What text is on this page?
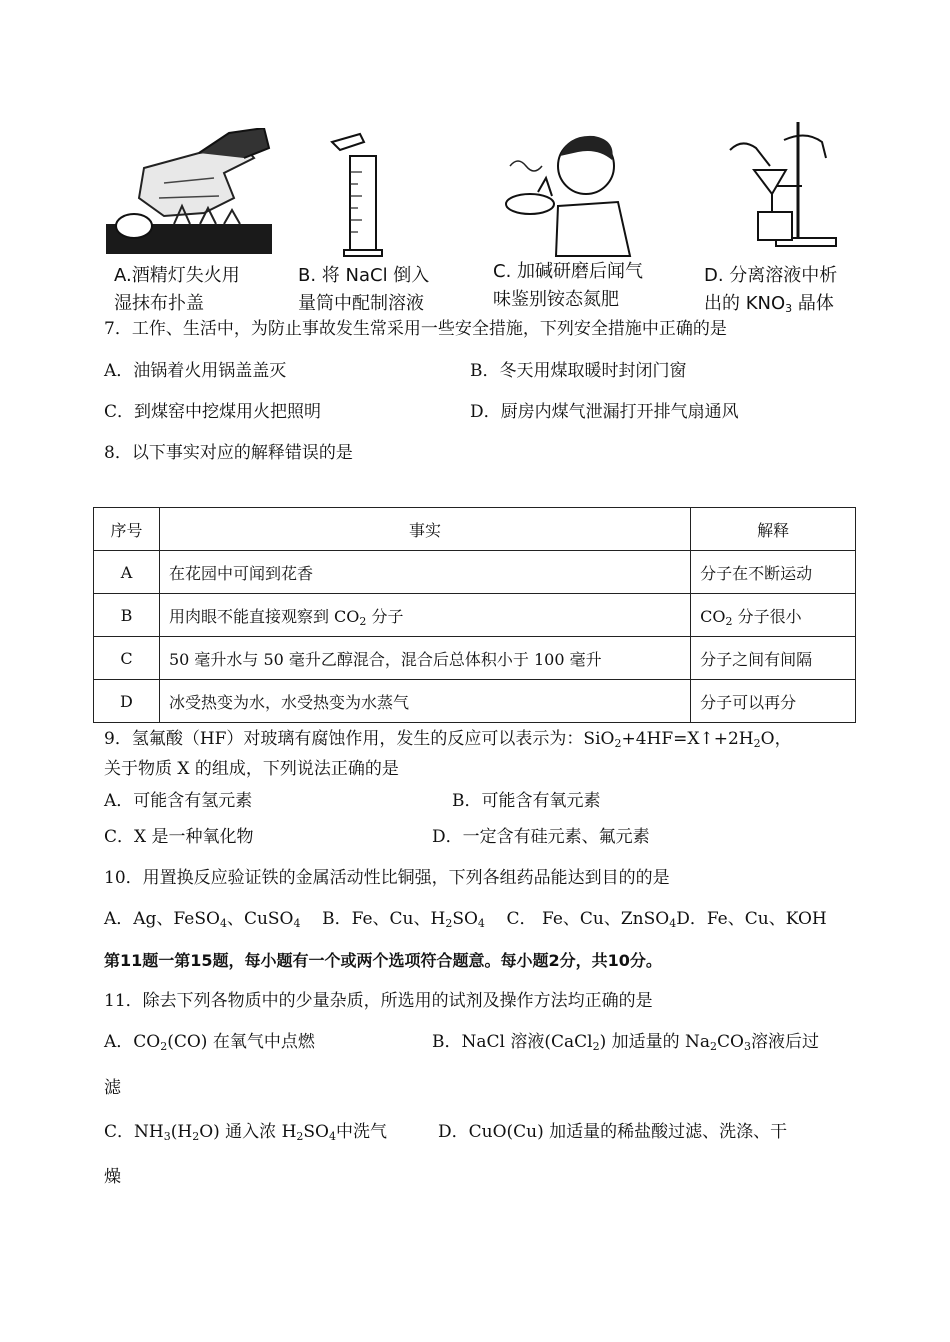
A.酒精灯失火用
湿抹布扑盖
B. 将 NaCl 倒入
量筒中配制溶液
C. 加碱研磨后闻气
味鉴别铵态氮肥
D. 分离溶液中析
出的 $KNO_3$ 晶体
7．工作、生活中，为防止事故发生常采用一些安全措施，下列安全措施中正确的是
A．油锅着火用锅盖盖灭	B．冬天用煤取暖时封闭门窗
C．到煤窑中挖煤用火把照明	D．厨房内煤气泄漏打开排气扇通风
8．以下事实对应的解释错误的是
序号	事实	解释
A	在花园中可闻到花香	分子在不断运动
B	用肉眼不能直接观察到 $CO_2$ 分子	$CO_2$ 分子很小
C	50 毫升水与 50 毫升乙醇混合，混合后总体积小于 100 毫升	分子之间有间隔
D	冰受热变为水，水受热变为水蒸气	分子可以再分
9．氢氟酸（HF）对玻璃有腐蚀作用，发生的反应可以表示为：$SiO_2+4HF=X↑+2H_2O$，
关于物质 X 的组成，下列说法正确的是
A．可能含有氢元素	B．可能含有氧元素
C．X 是一种氧化物	D．一定含有硅元素、氟元素
10．用置换反应验证铁的金属活动性比铜强，下列各组药品能达到目的的是
A．Ag、FeSO$_4$、CuSO$_4$ B．Fe、Cu、$H_2SO_4$ C． Fe、Cu、ZnSO$_4$D．Fe、Cu、KOH
第11题一第15题，每小题有一个或两个选项符合题意。每小题2分，共10分。
11．除去下列各物质中的少量杂质，所选用的试剂及操作方法均正确的是
A．$CO_2(CO)$ 在氧气中点燃	B．NaCl 溶液(CaCl$_2$) 加适量的 $Na_2CO_3$溶液后过
滤
C．$NH_3(H_2O)$ 通入浓 $H_2SO_4$中洗气	D．CuO(Cu) 加适量的稀盐酸过滤、洗涤、干
燥
